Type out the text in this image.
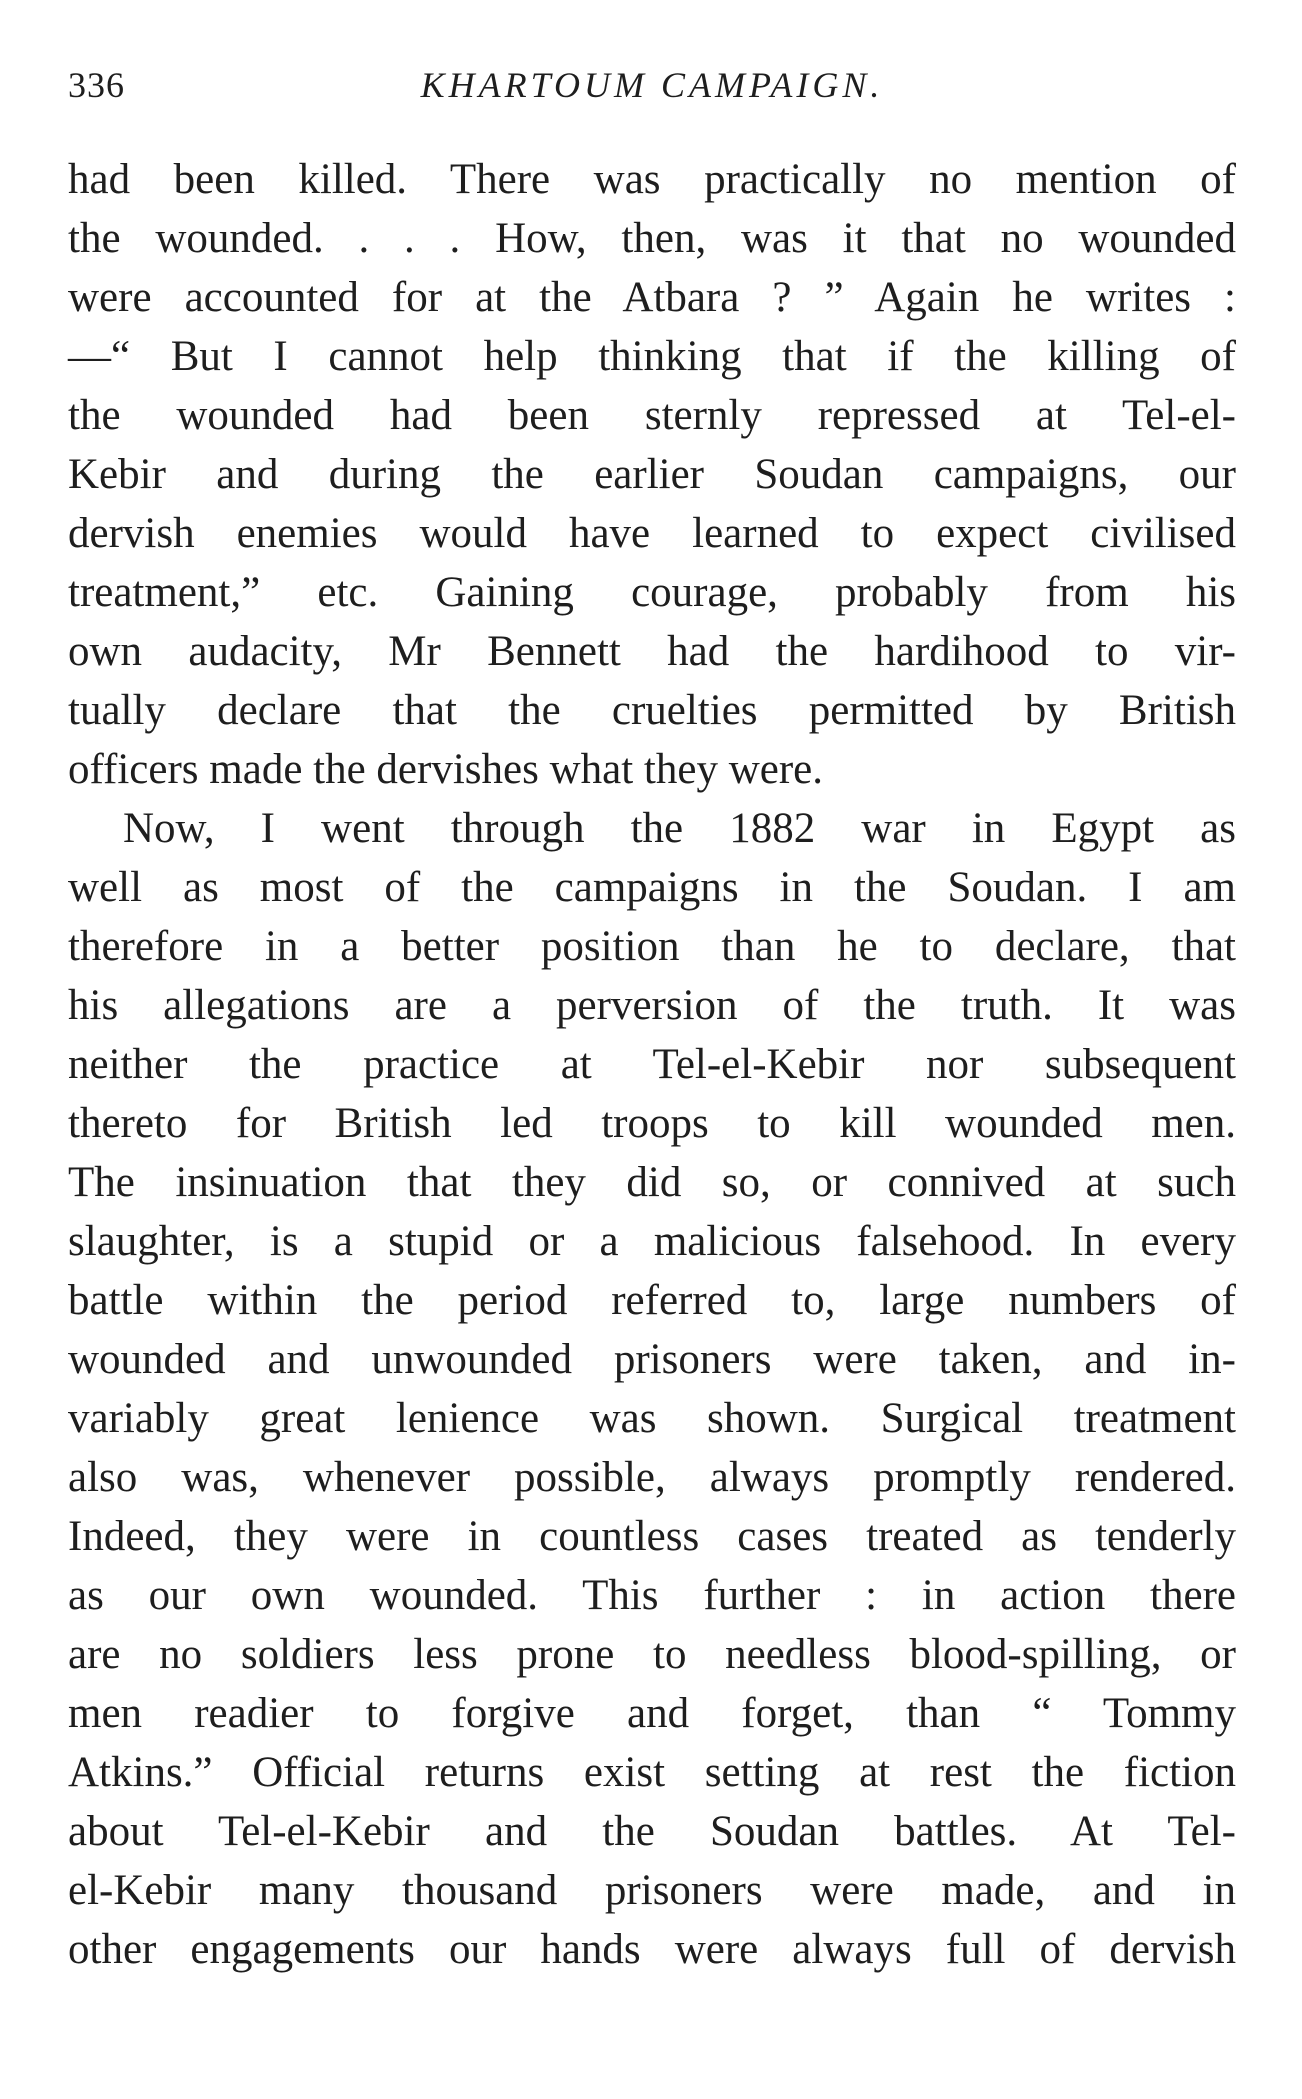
336	KHARTOUM CAMPAIGN.
had been killed. There was practically no mention of
the wounded. . . . How, then, was it that no wounded
were accounted for at the Atbara ? ” Again he writes :
—“ But I cannot help thinking that if the killing of
the wounded had been sternly repressed at Tel-el-
Kebir and during the earlier Soudan campaigns, our
dervish enemies would have learned to expect civilised
treatment,” etc. Gaining courage, probably from his
own audacity, Mr Bennett had the hardihood to vir-
tually declare that the cruelties permitted by British
officers made the dervishes what they were.
Now, I went through the 1882 war in Egypt as
well as most of the campaigns in the Soudan. I am
therefore in a better position than he to declare, that
his allegations are a perversion of the truth. It was
neither the practice at Tel-el-Kebir nor subsequent
thereto for British led troops to kill wounded men.
The insinuation that they did so, or connived at such
slaughter, is a stupid or a malicious falsehood. In every
battle within the period referred to, large numbers of
wounded and unwounded prisoners were taken, and in-
variably great lenience was shown. Surgical treatment
also was, whenever possible, always promptly rendered.
Indeed, they were in countless cases treated as tenderly
as our own wounded. This further : in action there
are no soldiers less prone to needless blood-spilling, or
men readier to forgive and forget, than “ Tommy
Atkins.” Official returns exist setting at rest the fiction
about Tel-el-Kebir and the Soudan battles. At Tel-
el-Kebir many thousand prisoners were made, and in
other engagements our hands were always full of dervish
